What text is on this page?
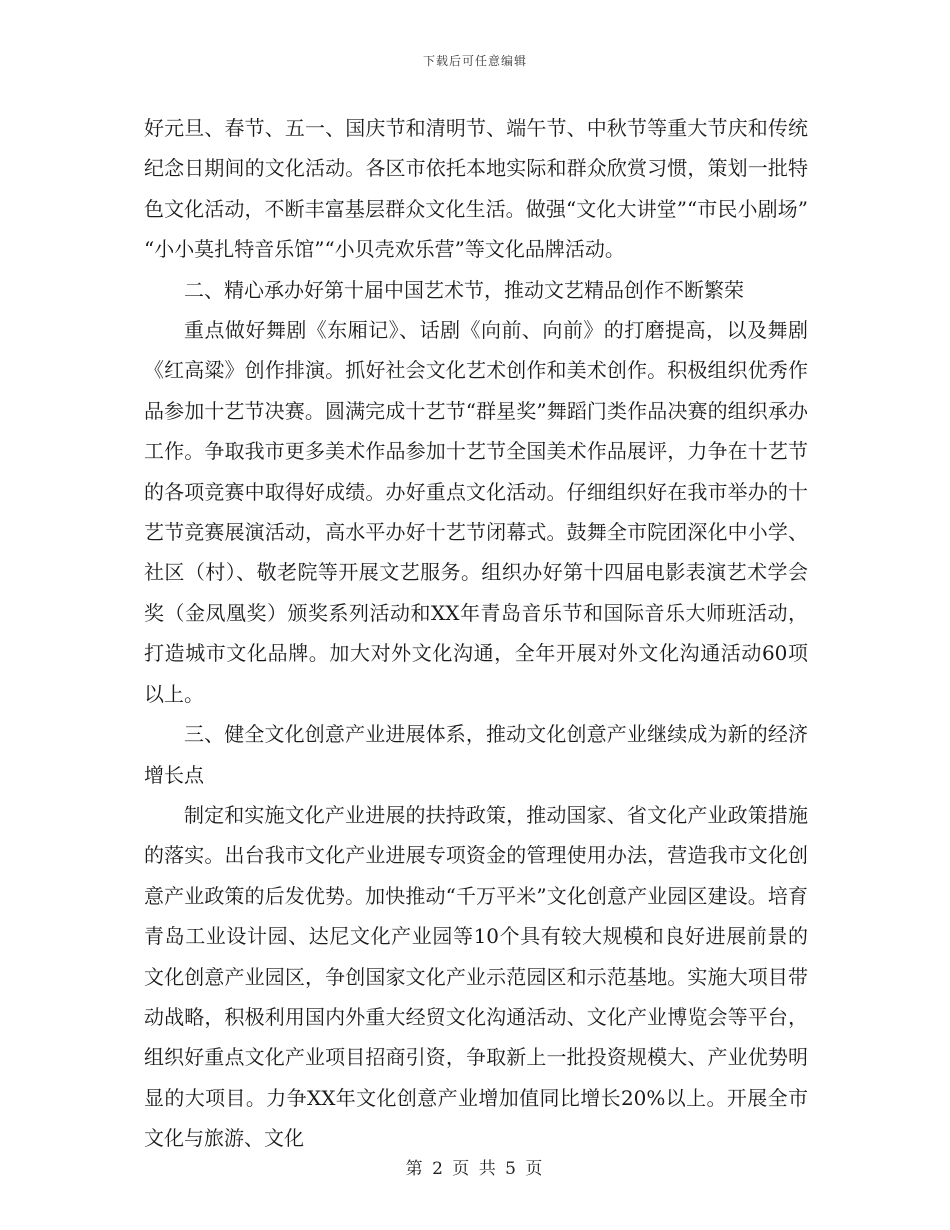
下载后可任意编辑

好元旦、春节、五一、国庆节和清明节、端午节、中秋节等重大节庆和传统纪念日期间的文化活动。各区市依托本地实际和群众欣赏习惯，策划一批特色文化活动，不断丰富基层群众文化生活。做强“文化大讲堂”“市民小剧场” “小小莫扎特音乐馆”“小贝壳欢乐营”等文化品牌活动。

二、精心承办好第十届中国艺术节，推动文艺精品创作不断繁荣

重点做好舞剧《东厢记》、话剧《向前、向前》的打磨提高，以及舞剧《红高粱》创作排演。抓好社会文化艺术创作和美术创作。积极组织优秀作品参加十艺节决赛。圆满完成十艺节“群星奖”舞蹈门类作品决赛的组织承办工作。争取我市更多美术作品参加十艺节全国美术作品展评，力争在十艺节的各项竞赛中取得好成绩。办好重点文化活动。仔细组织好在我市举办的十艺节竞赛展演活动，高水平办好十艺节闭幕式。鼓舞全市院团深化中小学、社区（村）、敬老院等开展文艺服务。组织办好第十四届电影表演艺术学会奖（金凤凰奖）颁奖系列活动和XX年青岛音乐节和国际音乐大师班活动，打造城市文化品牌。加大对外文化沟通，全年开展对外文化沟通活动60项以上。

三、健全文化创意产业进展体系，推动文化创意产业继续成为新的经济增长点

制定和实施文化产业进展的扶持政策，推动国家、省文化产业政策措施的落实。出台我市文化产业进展专项资金的管理使用办法，营造我市文化创意产业政策的后发优势。加快推动“千万平米”文化创意产业园区建设。培育青岛工业设计园、达尼文化产业园等10个具有较大规模和良好进展前景的文化创意产业园区，争创国家文化产业示范园区和示范基地。实施大项目带动战略，积极利用国内外重大经贸文化沟通活动、文化产业博览会等平台，组织好重点文化产业项目招商引资，争取新上一批投资规模大、产业优势明显的大项目。力争XX年文化创意产业增加值同比增长20%以上。开展全市文化与旅游、文化

第 2 页 共 5 页
